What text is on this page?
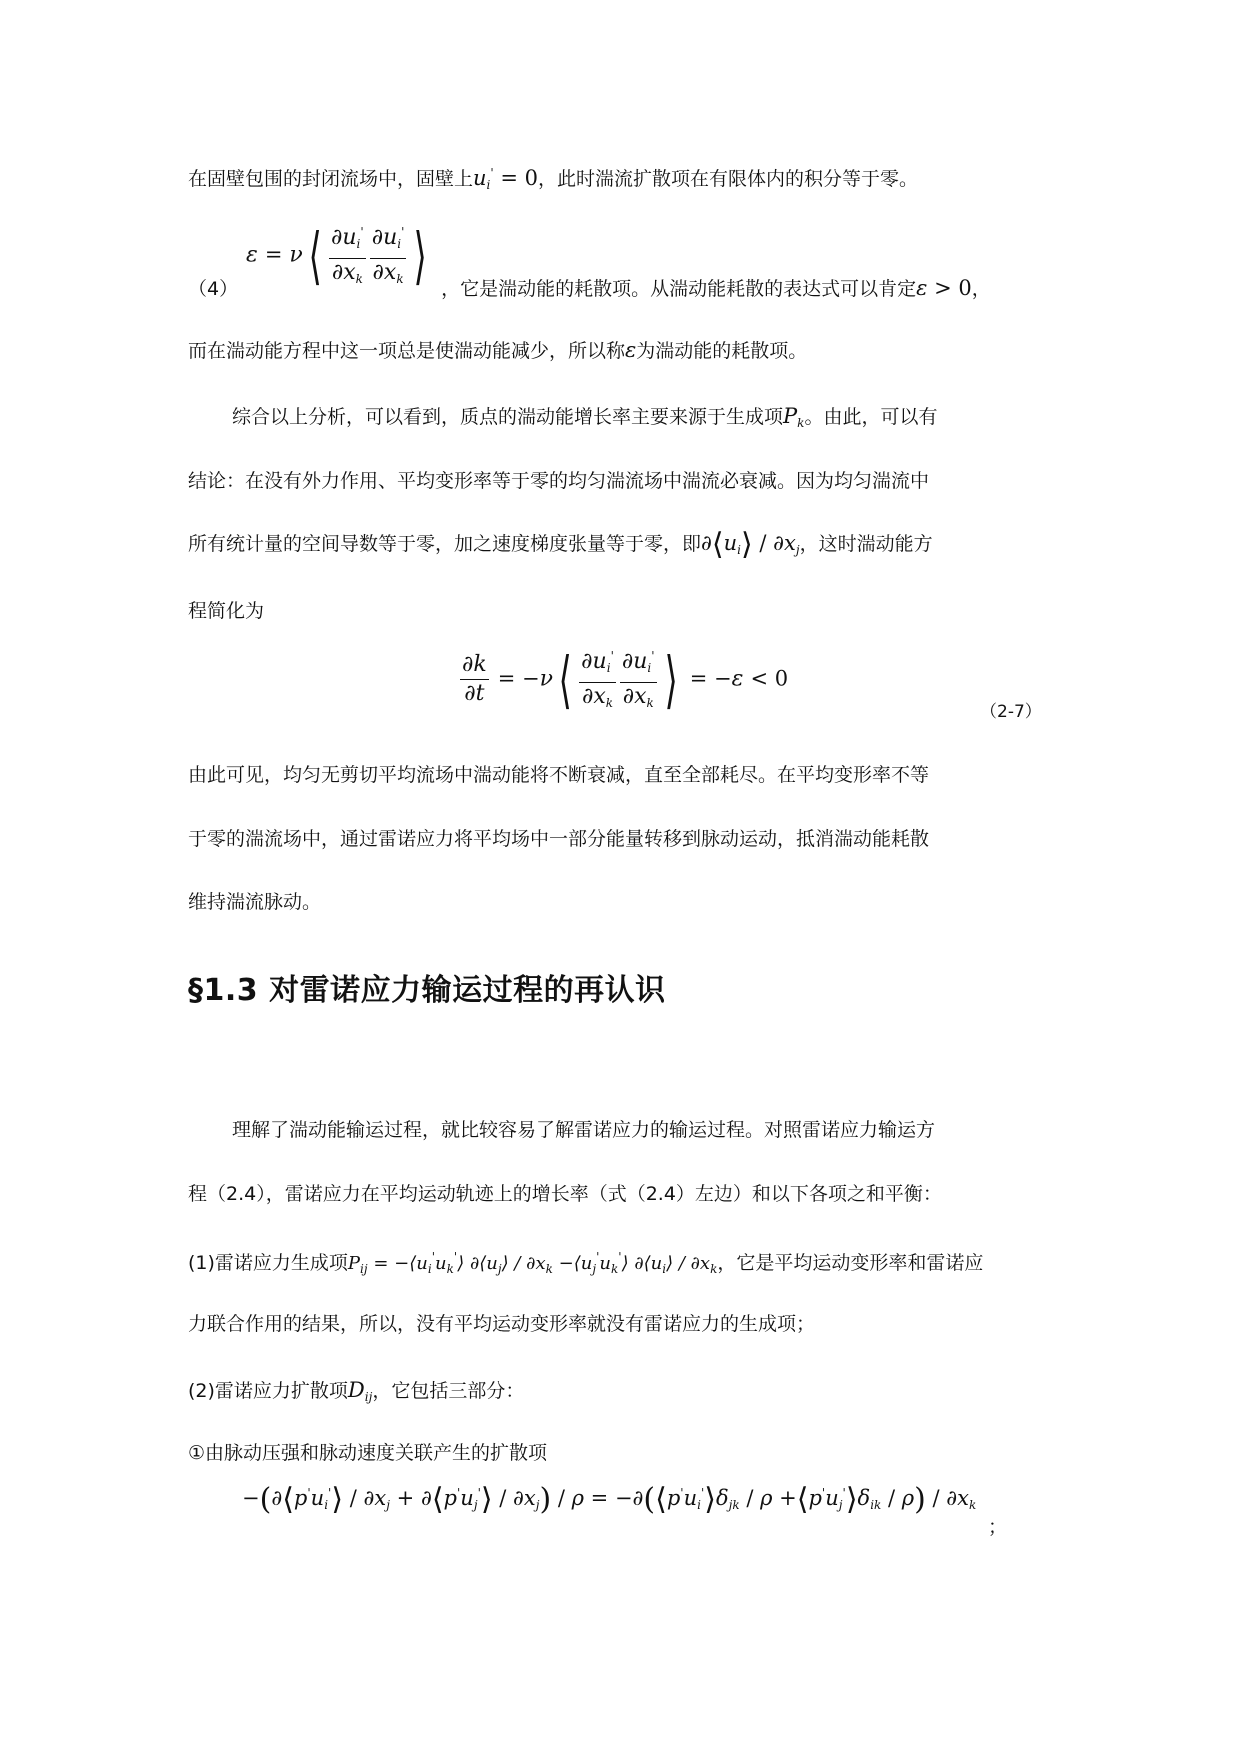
在固壁包围的封闭流场中，固壁上$u_i' = 0$，此时湍流扩散项在有限体内的积分等于零。
ε = ν⟨ $\frac{\partial u_i'}{\partial x_k} \frac{\partial u_i'}{\partial x_k}$ ⟩
（4）	，它是湍动能的耗散项。从湍动能耗散的表达式可以肯定ε > 0，
而在湍动能方程中这一项总是使湍动能减少，所以称ε为湍动能的耗散项。
综合以上分析，可以看到，质点的湍动能增长率主要来源于生成项$P_k$。由此，可以有
结论：在没有外力作用、平均变形率等于零的均匀湍流场中湍流必衰减。因为均匀湍流中
所有统计量的空间导数等于零，加之速度梯度张量等于零，即$\partial⟨u_i⟩ / \partial x_j$，这时湍动能方
程简化为
$\frac{\partial k}{\partial t}$ = −ν⟨ $\frac{\partial u_i'}{\partial x_k} \frac{\partial u_i'}{\partial x_k}$ ⟩ = −ε < 0
（2-7）
由此可见，均匀无剪切平均流场中湍动能将不断衰减，直至全部耗尽。在平均变形率不等
于零的湍流场中，通过雷诺应力将平均场中一部分能量转移到脉动运动，抵消湍动能耗散
维持湍流脉动。
§1.3 对雷诺应力输运过程的再认识
理解了湍动能输运过程，就比较容易了解雷诺应力的输运过程。对照雷诺应力输运方
程（2.4），雷诺应力在平均运动轨迹上的增长率（式（2.4）左边）和以下各项之和平衡：
(1)雷诺应力生成项$P_{ij}$ = $-⟨u_i'u_k'⟩$ $\partial⟨u_j⟩ / \partial x_k$ $-⟨u_j'u_k'⟩$ $\partial⟨u_i⟩ / \partial x_k$，它是平均运动变形率和雷诺应
力联合作用的结果，所以，没有平均运动变形率就没有雷诺应力的生成项；
(2)雷诺应力扩散项$D_{ij}$，它包括三部分：
①由脉动压强和脉动速度关联产生的扩散项
$-(\partial⟨p'u_i'⟩ / \partial x_j$ + $\partial⟨p'u_j'⟩ / \partial x_j$) / $\rho = -\partial(⟨p'u_i'⟩\delta_{jk} / \rho$ $+⟨p'u_j'⟩\delta_{ik} / \rho) / \partial x_k$
；
